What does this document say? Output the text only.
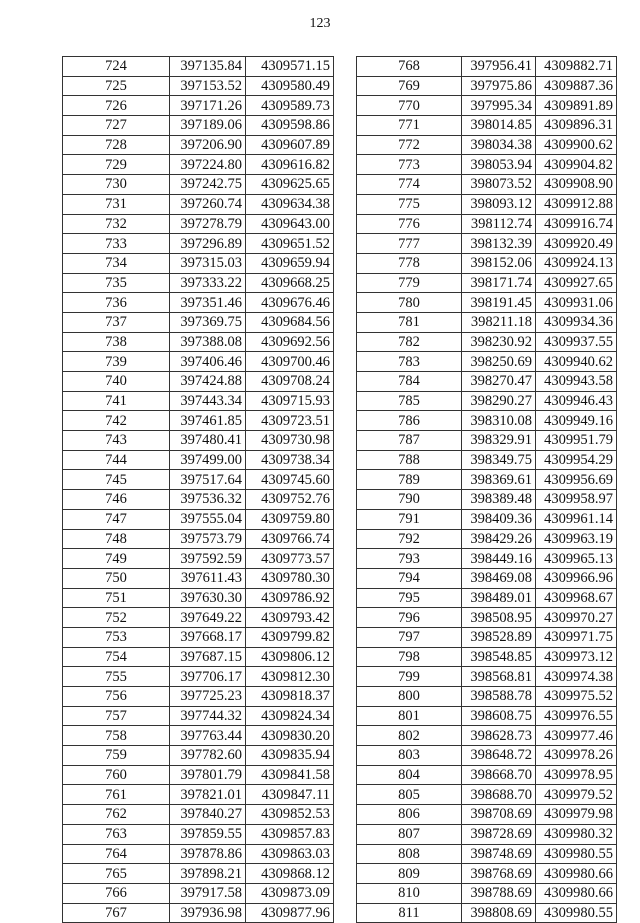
123
724	397135.84	4309571.15
725	397153.52	4309580.49
726	397171.26	4309589.73
727	397189.06	4309598.86
728	397206.90	4309607.89
729	397224.80	4309616.82
730	397242.75	4309625.65
731	397260.74	4309634.38
732	397278.79	4309643.00
733	397296.89	4309651.52
734	397315.03	4309659.94
735	397333.22	4309668.25
736	397351.46	4309676.46
737	397369.75	4309684.56
738	397388.08	4309692.56
739	397406.46	4309700.46
740	397424.88	4309708.24
741	397443.34	4309715.93
742	397461.85	4309723.51
743	397480.41	4309730.98
744	397499.00	4309738.34
745	397517.64	4309745.60
746	397536.32	4309752.76
747	397555.04	4309759.80
748	397573.79	4309766.74
749	397592.59	4309773.57
750	397611.43	4309780.30
751	397630.30	4309786.92
752	397649.22	4309793.42
753	397668.17	4309799.82
754	397687.15	4309806.12
755	397706.17	4309812.30
756	397725.23	4309818.37
757	397744.32	4309824.34
758	397763.44	4309830.20
759	397782.60	4309835.94
760	397801.79	4309841.58
761	397821.01	4309847.11
762	397840.27	4309852.53
763	397859.55	4309857.83
764	397878.86	4309863.03
765	397898.21	4309868.12
766	397917.58	4309873.09
767	397936.98	4309877.96
768	397956.41	4309882.71
769	397975.86	4309887.36
770	397995.34	4309891.89
771	398014.85	4309896.31
772	398034.38	4309900.62
773	398053.94	4309904.82
774	398073.52	4309908.90
775	398093.12	4309912.88
776	398112.74	4309916.74
777	398132.39	4309920.49
778	398152.06	4309924.13
779	398171.74	4309927.65
780	398191.45	4309931.06
781	398211.18	4309934.36
782	398230.92	4309937.55
783	398250.69	4309940.62
784	398270.47	4309943.58
785	398290.27	4309946.43
786	398310.08	4309949.16
787	398329.91	4309951.79
788	398349.75	4309954.29
789	398369.61	4309956.69
790	398389.48	4309958.97
791	398409.36	4309961.14
792	398429.26	4309963.19
793	398449.16	4309965.13
794	398469.08	4309966.96
795	398489.01	4309968.67
796	398508.95	4309970.27
797	398528.89	4309971.75
798	398548.85	4309973.12
799	398568.81	4309974.38
800	398588.78	4309975.52
801	398608.75	4309976.55
802	398628.73	4309977.46
803	398648.72	4309978.26
804	398668.70	4309978.95
805	398688.70	4309979.52
806	398708.69	4309979.98
807	398728.69	4309980.32
808	398748.69	4309980.55
809	398768.69	4309980.66
810	398788.69	4309980.66
811	398808.69	4309980.55
